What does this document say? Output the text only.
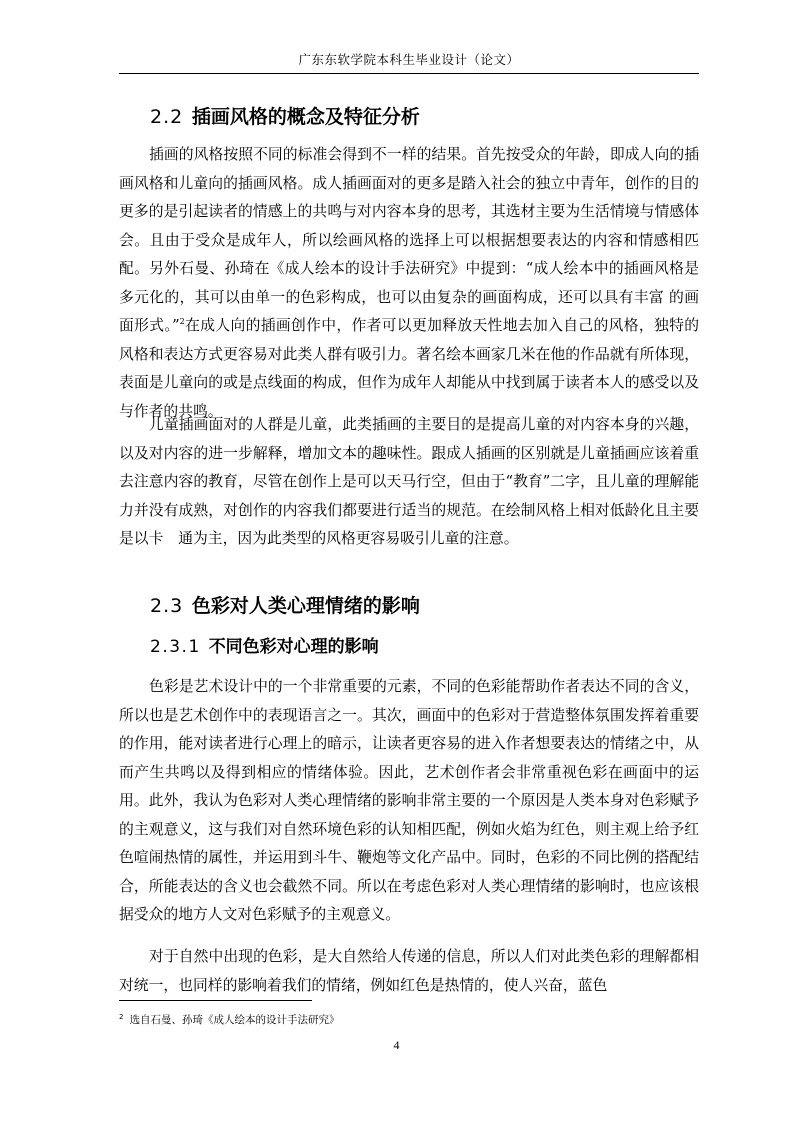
广东东软学院本科生毕业设计（论文）
2.2 插画风格的概念及特征分析

插画的风格按照不同的标准会得到不一样的结果。首先按受众的年龄，即成人向的插画风格和儿童向的插画风格。成人插画面对的更多是踏入社会的独立中青年，创作的目的更多的是引起读者的情感上的共鸣与对内容本身的思考，其选材主要为生活情境与情感体会。且由于受众是成年人，所以绘画风格的选择上可以根据想要表达的内容和情感相匹配。另外石曼、孙琦在《成人绘本的设计手法研究》中提到：“成人绘本中的插画风格是多元化的，其可以由单一的色彩构成，也可以由复杂的画面构成，还可以具有丰富 的画面形式。”$^2$在成人向的插画创作中，作者可以更加释放天性地去加入自己的风格，独特的风格和表达方式更容易对此类人群有吸引力。著名绘本画家几米在他的作品就有所体现，表面是儿童向的或是点线面的构成，但作为成年人却能从中找到属于读者本人的感受以及与作者的共鸣。

儿童插画面对的人群是儿童，此类插画的主要目的是提高儿童的对内容本身的兴趣，以及对内容的进一步解释，增加文本的趣味性。跟成人插画的区别就是儿童插画应该着重去注意内容的教育，尽管在创作上是可以天马行空，但由于“教育”二字，且儿童的理解能力并没有成熟，对创作的内容我们都要进行适当的规范。在绘制风格上相对低龄化且主要是以卡　通为主，因为此类型的风格更容易吸引儿童的注意。

2.3 色彩对人类心理情绪的影响
2.3.1 不同色彩对心理的影响

色彩是艺术设计中的一个非常重要的元素，不同的色彩能帮助作者表达不同的含义，所以也是艺术创作中的表现语言之一。其次，画面中的色彩对于营造整体氛围发挥着重要的作用，能对读者进行心理上的暗示，让读者更容易的进入作者想要表达的情绪之中，从而产生共鸣以及得到相应的情绪体验。因此，艺术创作者会非常重视色彩在画面中的运用。此外，我认为色彩对人类心理情绪的影响非常主要的一个原因是人类本身对色彩赋予的主观意义，这与我们对自然环境色彩的认知相匹配，例如火焰为红色，则主观上给予红色喧闹热情的属性，并运用到斗牛、鞭炮等文化产品中。同时，色彩的不同比例的搭配结合，所能表达的含义也会截然不同。所以在考虑色彩对人类心理情绪的影响时，也应该根据受众的地方人文对色彩赋予的主观意义。

对于自然中出现的色彩，是大自然给人传递的信息，所以人们对此类色彩的理解都相对统一，也同样的影响着我们的情绪，例如红色是热情的，使人兴奋，蓝色

$^2$ 选自石曼、孙琦《成人绘本的设计手法研究》
4
